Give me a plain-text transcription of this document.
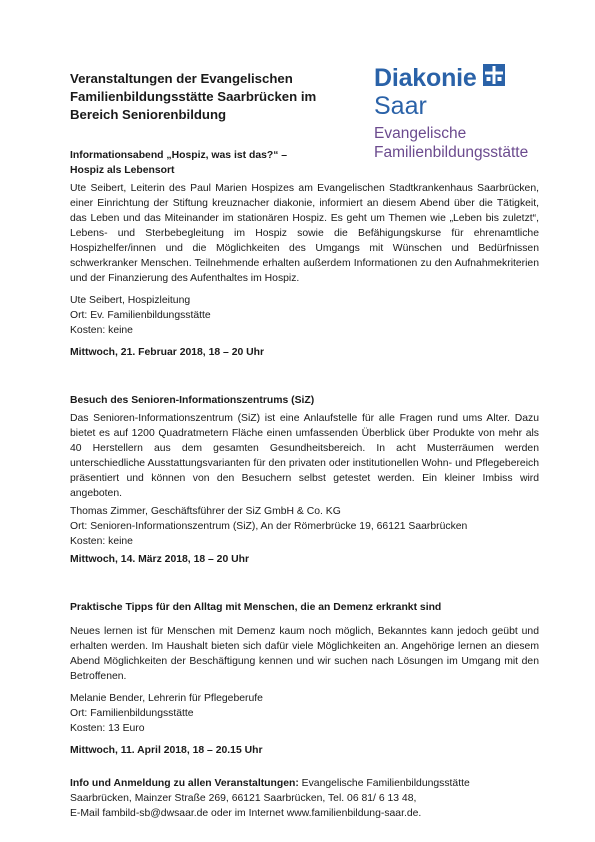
Veranstaltungen der Evangelischen Familienbildungsstätte Saarbrücken im Bereich Seniorenbildung
Diakonie
Saar
Evangelische
Familienbildungsstätte
Informationsabend „Hospiz, was ist das?“ –
Hospiz als Lebensort

Ute Seibert, Leiterin des Paul Marien Hospizes am Evangelischen Stadtkrankenhaus Saarbrücken, einer Einrichtung der Stiftung kreuznacher diakonie, informiert an diesem Abend über die Tätigkeit, das Leben und das Miteinander im stationären Hospiz. Es geht um Themen wie „Leben bis zuletzt“, Lebens- und Sterbebegleitung im Hospiz sowie die Befähigungskurse für ehrenamtliche Hospizhelfer/innen und die Möglichkeiten des Umgangs mit Wünschen und Bedürfnissen schwerkranker Menschen. Teilnehmende erhalten außerdem Informationen zu den Aufnahmekriterien und der Finanzierung des Aufenthaltes im Hospiz.

Ute Seibert, Hospizleitung
Ort: Ev. Familienbildungsstätte
Kosten: keine
Mittwoch, 21. Februar 2018, 18 – 20 Uhr
Besuch des Senioren-Informationszentrums (SiZ)

Das Senioren-Informationszentrum (SiZ) ist eine Anlaufstelle für alle Fragen rund ums Alter. Dazu bietet es auf 1200 Quadratmetern Fläche einen umfassenden Überblick über Produkte von mehr als 40 Herstellern aus dem gesamten Gesundheitsbereich. In acht Musterräumen werden unterschiedliche Ausstattungsvarianten für den privaten oder institutionellen Wohn- und Pflegebereich präsentiert und können von den Besuchern selbst getestet werden. Ein kleiner Imbiss wird angeboten.

Thomas Zimmer, Geschäftsführer der SiZ GmbH & Co. KG
Ort: Senioren-Informationszentrum (SiZ), An der Römerbrücke 19, 66121 Saarbrücken
Kosten: keine
Mittwoch, 14. März 2018, 18 – 20 Uhr
Praktische Tipps für den Alltag mit Menschen, die an Demenz erkrankt sind

Neues lernen ist für Menschen mit Demenz kaum noch möglich, Bekanntes kann jedoch geübt und erhalten werden. Im Haushalt bieten sich dafür viele Möglichkeiten an. Angehörige lernen an diesem Abend Möglichkeiten der Beschäftigung kennen und wir suchen nach Lösungen im Umgang mit den Betroffenen.

Melanie Bender, Lehrerin für Pflegeberufe
Ort: Familienbildungsstätte
Kosten: 13 Euro
Mittwoch, 11. April 2018, 18 – 20.15 Uhr
Info und Anmeldung zu allen Veranstaltungen: Evangelische Familienbildungsstätte
Saarbrücken, Mainzer Straße 269, 66121 Saarbrücken, Tel. 06 81/ 6 13 48,
E-Mail fambild-sb@dwsaar.de oder im Internet www.familienbildung-saar.de.
